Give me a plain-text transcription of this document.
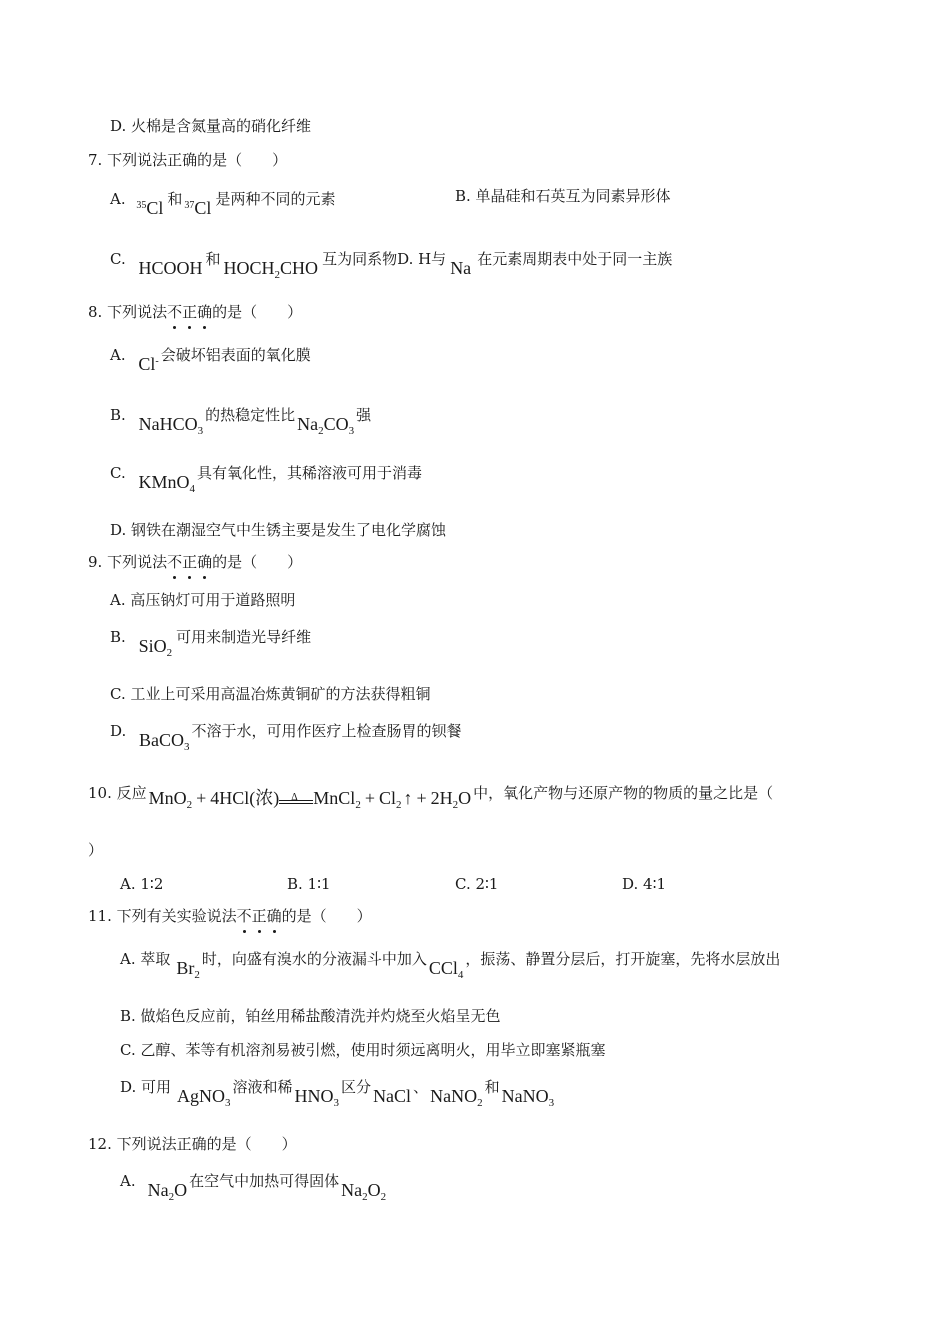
D. 火棉是含氮量高的硝化纤维
7. 下列说法正确的是（　　）
A. $^{35}$Cl 和 $^{37}$Cl 是两种不同的元素	B. 单晶硅和石英互为同素异形体
C. HCOOH 和 $HOCH_2CHO$ 互为同系物D. H与 Na 在元素周期表中处于同一主族
8. 下列说法不正确的是（　　）
A. Cl- 会破坏铝表面的氧化膜
B. NaHCO$_3$的热稳定性比 $Na_2CO_3$强
C. KMnO$_4$具有氧化性，其稀溶液可用于消毒
D. 钢铁在潮湿空气中生锈主要是发生了电化学腐蚀
9. 下列说法不正确的是（　　）
A. 高压钠灯可用于道路照明
B. SiO$_2$可用来制造光导纤维
C. 工业上可采用高温冶炼黄铜矿的方法获得粗铜
D. BaCO$_3$不溶于水，可用作医疗上检查肠胃的钡餐
10. 反应 MnO$_2$ + 4HCl(浓) Δ MnCl$_2$ + $Cl_2$ ↑ + $2H_2O$ 中，氧化产物与还原产物的物质的量之比是（
）
A. 1∶2	B. 1∶1	C. 2∶1	D. 4∶1
11. 下列有关实验说法不正确的是（　　）
A. 萃取 $Br_2$时，向盛有溴水的分液漏斗中加入 CCl$_4$，振荡、静置分层后，打开旋塞，先将水层放出
B. 做焰色反应前，铂丝用稀盐酸清洗并灼烧至火焰呈无色
C. 乙醇、苯等有机溶剂易被引燃，使用时须远离明火，用毕立即塞紧瓶塞
D. 可用 AgNO$_3$溶液和稀 $HNO_3$区分 NaCl 、 NaNO$_2$和 NaNO$_3$
12. 下列说法正确的是（　　）
A. $Na_2O$ 在空气中加热可得固体 $Na_2O_2$
